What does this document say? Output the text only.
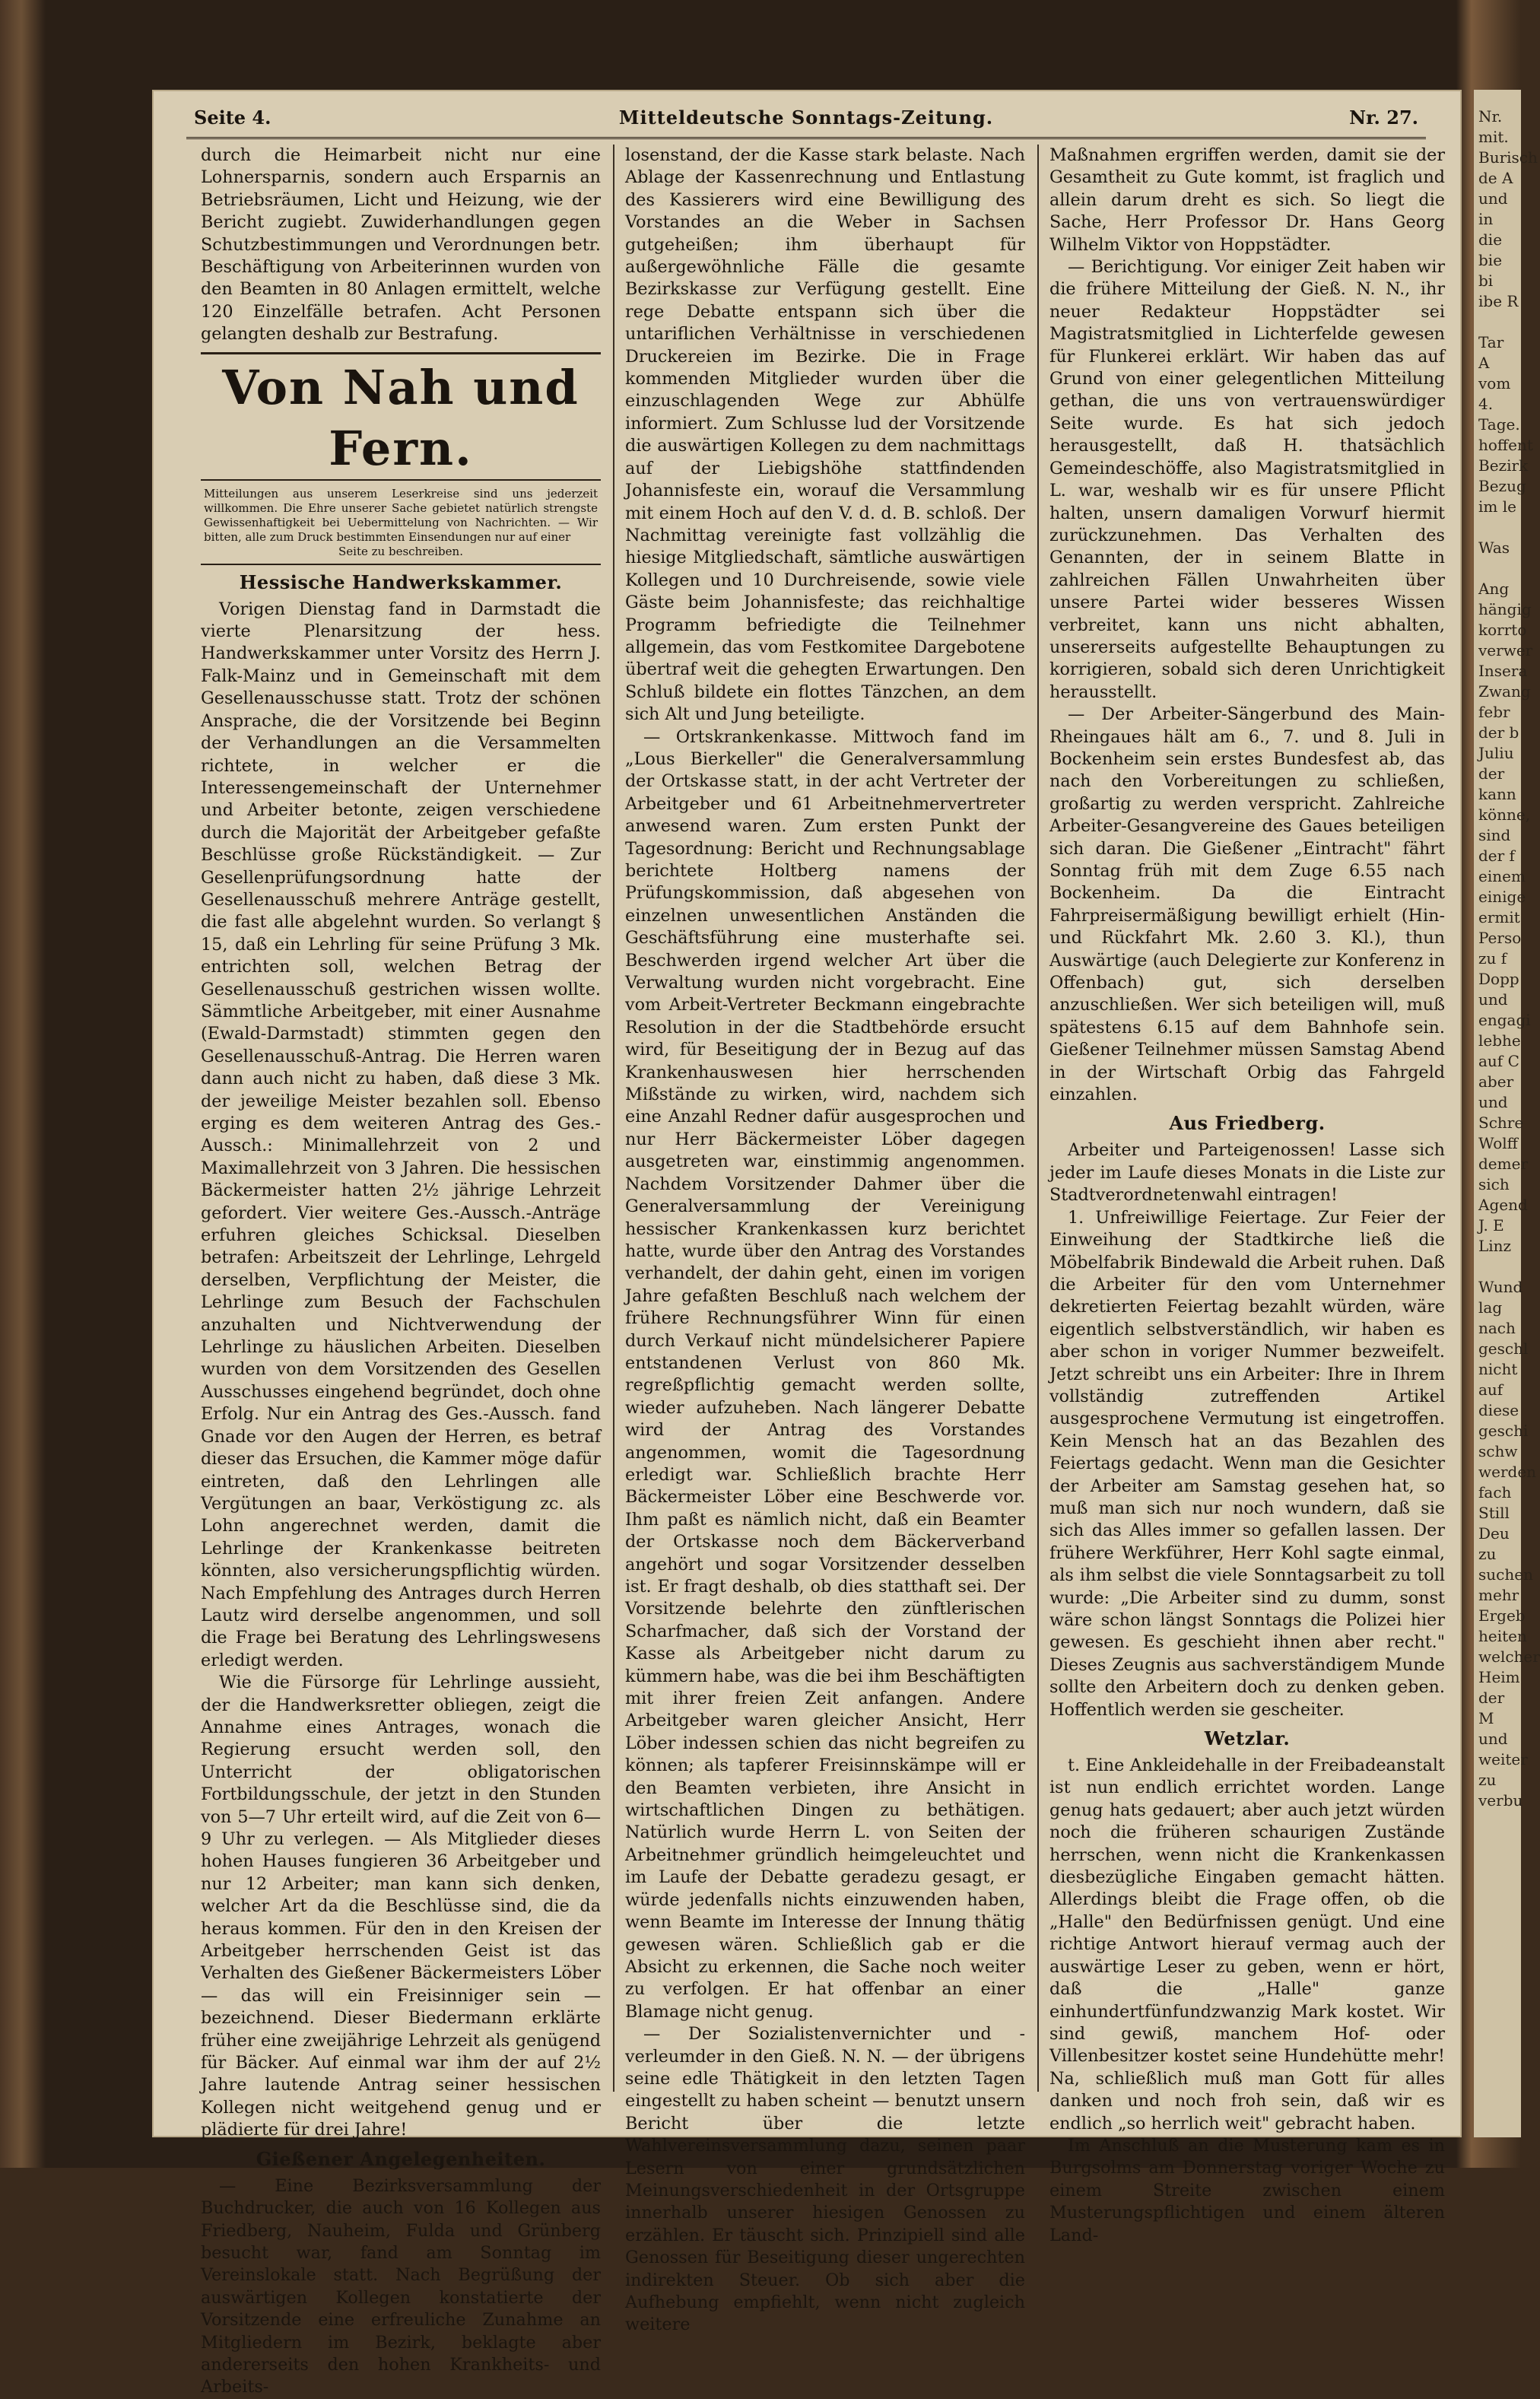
Seite 4.	Mitteldeutsche Sonntags-Zeitung.	Nr. 27.

durch die Heimarbeit nicht nur eine Lohnersparnis, sondern auch Ersparnis an Betriebsräumen, Licht und Heizung, wie der Bericht zugiebt. Zuwiderhandlungen gegen Schutzbestimmungen und Verordnungen betr. Beschäftigung von Arbeiterinnen wurden von den Beamten in 80 Anlagen ermittelt, welche 120 Einzelfälle betrafen. Acht Personen gelangten deshalb zur Bestrafung.

Von Nah und Fern.
Mitteilungen aus unserem Leserkreise sind uns jederzeit willkommen. Die Ehre unserer Sache gebietet natürlich strengste Gewissenhaftigkeit bei Uebermittelung von Nachrichten. — Wir bitten, alle zum Druck bestimmten Einsendungen nur auf einer
Seite zu beschreiben.
Hessische Handwerkskammer.

Vorigen Dienstag fand in Darmstadt die vierte Plenarsitzung der hess. Handwerkskammer unter Vorsitz des Herrn J. Falk-Mainz und in Gemeinschaft mit dem Gesellenausschusse statt. Trotz der schönen Ansprache, die der Vorsitzende bei Beginn der Verhandlungen an die Versammelten richtete, in welcher er die Interessengemeinschaft der Unternehmer und Arbeiter betonte, zeigen verschiedene durch die Majorität der Arbeitgeber gefaßte Beschlüsse große Rückständigkeit. — Zur Gesellenprüfungsordnung hatte der Gesellenausschuß mehrere Anträge gestellt, die fast alle abgelehnt wurden. So verlangt § 15, daß ein Lehrling für seine Prüfung 3 Mk. entrichten soll, welchen Betrag der Gesellenausschuß gestrichen wissen wollte. Sämmtliche Arbeitgeber, mit einer Ausnahme (Ewald-Darmstadt) stimmten gegen den Gesellenausschuß-Antrag. Die Herren waren dann auch nicht zu haben, daß diese 3 Mk. der jeweilige Meister bezahlen soll. Ebenso erging es dem weiteren Antrag des Ges.-Aussch.: Minimallehrzeit von 2 und Maximallehrzeit von 3 Jahren. Die hessischen Bäckermeister hatten 2½ jährige Lehrzeit gefordert. Vier weitere Ges.-Aussch.-Anträge erfuhren gleiches Schicksal. Dieselben betrafen: Arbeitszeit der Lehrlinge, Lehrgeld derselben, Verpflichtung der Meister, die Lehrlinge zum Besuch der Fachschulen anzuhalten und Nichtverwendung der Lehrlinge zu häuslichen Arbeiten. Dieselben wurden von dem Vorsitzenden des Gesellen Ausschusses eingehend begründet, doch ohne Erfolg. Nur ein Antrag des Ges.-Aussch. fand Gnade vor den Augen der Herren, es betraf dieser das Ersuchen, die Kammer möge dafür eintreten, daß den Lehrlingen alle Vergütungen an baar, Verköstigung zc. als Lohn angerechnet werden, damit die Lehrlinge der Krankenkasse beitreten könnten, also versicherungspflichtig würden. Nach Empfehlung des Antrages durch Herren Lautz wird derselbe angenommen, und soll die Frage bei Beratung des Lehrlingswesens erledigt werden.

Wie die Fürsorge für Lehrlinge aussieht, der die Handwerksretter obliegen, zeigt die Annahme eines Antrages, wonach die Regierung ersucht werden soll, den Unterricht der obligatorischen Fortbildungsschule, der jetzt in den Stunden von 5—7 Uhr erteilt wird, auf die Zeit von 6—9 Uhr zu verlegen. — Als Mitglieder dieses hohen Hauses fungieren 36 Arbeitgeber und nur 12 Arbeiter; man kann sich denken, welcher Art da die Beschlüsse sind, die da heraus kommen. Für den in den Kreisen der Arbeitgeber herrschenden Geist ist das Verhalten des Gießener Bäckermeisters Löber — das will ein Freisinniger sein — bezeichnend. Dieser Biedermann erklärte früher eine zweijährige Lehrzeit als genügend für Bäcker. Auf einmal war ihm der auf 2½ Jahre lautende Antrag seiner hessischen Kollegen nicht weitgehend genug und er plädierte für drei Jahre!

Gießener Angelegenheiten.

— Eine Bezirksversammlung der Buchdrucker, die auch von 16 Kollegen aus Friedberg, Nauheim, Fulda und Grünberg besucht war, fand am Sonntag im Vereinslokale statt. Nach Begrüßung der auswärtigen Kollegen konstatierte der Vorsitzende eine erfreuliche Zunahme an Mitgliedern im Bezirk, beklagte aber andererseits den hohen Krankheits- und Arbeits-

losenstand, der die Kasse stark belaste. Nach Ablage der Kassenrechnung und Entlastung des Kassierers wird eine Bewilligung des Vorstandes an die Weber in Sachsen gutgeheißen; ihm überhaupt für außergewöhnliche Fälle die gesamte Bezirkskasse zur Verfügung gestellt. Eine rege Debatte entspann sich über die untariflichen Verhältnisse in verschiedenen Druckereien im Bezirke. Die in Frage kommenden Mitglieder wurden über die einzuschlagenden Wege zur Abhülfe informiert. Zum Schlusse lud der Vorsitzende die auswärtigen Kollegen zu dem nachmittags auf der Liebigshöhe stattfindenden Johannisfeste ein, worauf die Versammlung mit einem Hoch auf den V. d. d. B. schloß. Der Nachmittag vereinigte fast vollzählig die hiesige Mitgliedschaft, sämtliche auswärtigen Kollegen und 10 Durchreisende, sowie viele Gäste beim Johannisfeste; das reichhaltige Programm befriedigte die Teilnehmer allgemein, das vom Festkomitee Dargebotene übertraf weit die gehegten Erwartungen. Den Schluß bildete ein flottes Tänzchen, an dem sich Alt und Jung beteiligte.

— Ortskrankenkasse. Mittwoch fand im „Lous Bierkeller" die Generalversammlung der Ortskasse statt, in der acht Vertreter der Arbeitgeber und 61 Arbeitnehmervertreter anwesend waren. Zum ersten Punkt der Tagesordnung: Bericht und Rechnungsablage berichtete Holtberg namens der Prüfungskommission, daß abgesehen von einzelnen unwesentlichen Anständen die Geschäftsführung eine musterhafte sei. Beschwerden irgend welcher Art über die Verwaltung wurden nicht vorgebracht. Eine vom Arbeit-Vertreter Beckmann eingebrachte Resolution in der die Stadtbehörde ersucht wird, für Beseitigung der in Bezug auf das Krankenhauswesen hier herrschenden Mißstände zu wirken, wird, nachdem sich eine Anzahl Redner dafür ausgesprochen und nur Herr Bäckermeister Löber dagegen ausgetreten war, einstimmig angenommen. Nachdem Vorsitzender Dahmer über die Generalversammlung der Vereinigung hessischer Krankenkassen kurz berichtet hatte, wurde über den Antrag des Vorstandes verhandelt, der dahin geht, einen im vorigen Jahre gefaßten Beschluß nach welchem der frühere Rechnungsführer Winn für einen durch Verkauf nicht mündelsicherer Papiere entstandenen Verlust von 860 Mk. regreßpflichtig gemacht werden sollte, wieder aufzuheben. Nach längerer Debatte wird der Antrag des Vorstandes angenommen, womit die Tagesordnung erledigt war. Schließlich brachte Herr Bäckermeister Löber eine Beschwerde vor. Ihm paßt es nämlich nicht, daß ein Beamter der Ortskasse noch dem Bäckerverband angehört und sogar Vorsitzender desselben ist. Er fragt deshalb, ob dies statthaft sei. Der Vorsitzende belehrte den zünftlerischen Scharfmacher, daß sich der Vorstand der Kasse als Arbeitgeber nicht darum zu kümmern habe, was die bei ihm Beschäftigten mit ihrer freien Zeit anfangen. Andere Arbeitgeber waren gleicher Ansicht, Herr Löber indessen schien das nicht begreifen zu können; als tapferer Freisinnskämpe will er den Beamten verbieten, ihre Ansicht in wirtschaftlichen Dingen zu bethätigen. Natürlich wurde Herrn L. von Seiten der Arbeitnehmer gründlich heimgeleuchtet und im Laufe der Debatte geradezu gesagt, er würde jedenfalls nichts einzuwenden haben, wenn Beamte im Interesse der Innung thätig gewesen wären. Schließlich gab er die Absicht zu erkennen, die Sache noch weiter zu verfolgen. Er hat offenbar an einer Blamage nicht genug.

— Der Sozialistenvernichter und -verleumder in den Gieß. N. N. — der übrigens seine edle Thätigkeit in den letzten Tagen eingestellt zu haben scheint — benutzt unsern Bericht über die letzte Wahlvereinsversammlung dazu, seinen paar Lesern von einer grundsätzlichen Meinungsverschiedenheit in der Ortsgruppe innerhalb unserer hiesigen Genossen zu erzählen. Er täuscht sich. Prinzipiell sind alle Genossen für Beseitigung dieser ungerechten indirekten Steuer. Ob sich aber die Aufhebung empfiehlt, wenn nicht zugleich weitere

Maßnahmen ergriffen werden, damit sie der Gesamtheit zu Gute kommt, ist fraglich und allein darum dreht es sich. So liegt die Sache, Herr Professor Dr. Hans Georg Wilhelm Viktor von Hoppstädter.

— Berichtigung. Vor einiger Zeit haben wir die frühere Mitteilung der Gieß. N. N., ihr neuer Redakteur Hoppstädter sei Magistratsmitglied in Lichterfelde gewesen für Flunkerei erklärt. Wir haben das auf Grund von einer gelegentlichen Mitteilung gethan, die uns von vertrauenswürdiger Seite wurde. Es hat sich jedoch herausgestellt, daß H. thatsächlich Gemeindeschöffe, also Magistratsmitglied in L. war, weshalb wir es für unsere Pflicht halten, unsern damaligen Vorwurf hiermit zurückzunehmen. Das Verhalten des Genannten, der in seinem Blatte in zahlreichen Fällen Unwahrheiten über unsere Partei wider besseres Wissen verbreitet, kann uns nicht abhalten, unsererseits aufgestellte Behauptungen zu korrigieren, sobald sich deren Unrichtigkeit herausstellt.

— Der Arbeiter-Sängerbund des Main-Rheingaues hält am 6., 7. und 8. Juli in Bockenheim sein erstes Bundesfest ab, das nach den Vorbereitungen zu schließen, großartig zu werden verspricht. Zahlreiche Arbeiter-Gesangvereine des Gaues beteiligen sich daran. Die Gießener „Eintracht" fährt Sonntag früh mit dem Zuge 6.55 nach Bockenheim. Da die Eintracht Fahrpreisermäßigung bewilligt erhielt (Hin- und Rückfahrt Mk. 2.60 3. Kl.), thun Auswärtige (auch Delegierte zur Konferenz in Offenbach) gut, sich derselben anzuschließen. Wer sich beteiligen will, muß spätestens 6.15 auf dem Bahnhofe sein. Gießener Teilnehmer müssen Samstag Abend in der Wirtschaft Orbig das Fahrgeld einzahlen.

Aus Friedberg.

Arbeiter und Parteigenossen! Lasse sich jeder im Laufe dieses Monats in die Liste zur Stadtverordnetenwahl eintragen!

1. Unfreiwillige Feiertage. Zur Feier der Einweihung der Stadtkirche ließ die Möbelfabrik Bindewald die Arbeit ruhen. Daß die Arbeiter für den vom Unternehmer dekretierten Feiertag bezahlt würden, wäre eigentlich selbstverständlich, wir haben es aber schon in voriger Nummer bezweifelt. Jetzt schreibt uns ein Arbeiter: Ihre in Ihrem vollständig zutreffenden Artikel ausgesprochene Vermutung ist eingetroffen. Kein Mensch hat an das Bezahlen des Feiertags gedacht. Wenn man die Gesichter der Arbeiter am Samstag gesehen hat, so muß man sich nur noch wundern, daß sie sich das Alles immer so gefallen lassen. Der frühere Werkführer, Herr Kohl sagte einmal, als ihm selbst die viele Sonntagsarbeit zu toll wurde: „Die Arbeiter sind zu dumm, sonst wäre schon längst Sonntags die Polizei hier gewesen. Es geschieht ihnen aber recht." Dieses Zeugnis aus sachverständigem Munde sollte den Arbeitern doch zu denken geben. Hoffentlich werden sie gescheiter.

Wetzlar.

t. Eine Ankleidehalle in der Freibadeanstalt ist nun endlich errichtet worden. Lange genug hats gedauert; aber auch jetzt würden noch die früheren schaurigen Zustände herrschen, wenn nicht die Krankenkassen diesbezügliche Eingaben gemacht hätten. Allerdings bleibt die Frage offen, ob die „Halle" den Bedürfnissen genügt. Und eine richtige Antwort hierauf vermag auch der auswärtige Leser zu geben, wenn er hört, daß die „Halle" ganze einhundertfünfundzwanzig Mark kostet. Wir sind gewiß, manchem Hof- oder Villenbesitzer kostet seine Hundehütte mehr! Na, schließlich muß man Gott für alles danken und noch froh sein, daß wir es endlich „so herrlich weit" gebracht haben.

Im Anschluß an die Musterung kam es in Burgsolms am Donnerstag voriger Woche zu einem Streite zwischen einem Musterungspflichtigen und einem älteren Land-

Nr.
mit.
Burisch
de A
und
in die
bie bi
ibe R

Tar
A
vom 4.
Tage.
hoffent
Bezirk
Bezug
im le

Was

Ang
hängig
korrto
verwer
Insera
Zwang
febr
der b
Juliu
der
kann
könne,
sind
der f
einem
einige
ermit
Perso
zu f
Dopp
und
engagi
lebhe
auf C
aber
und
Schre
Wolff
demer
sich
Agend
J. E
Linz

Wund
lag
nach
geschl
nicht
auf
diese
geschi
schw
werden
fach
Still
Deu
zu
suchen
mehr
Ergeb
heiten
welcher
Heim
der M
und
weiter
zu
verbu
